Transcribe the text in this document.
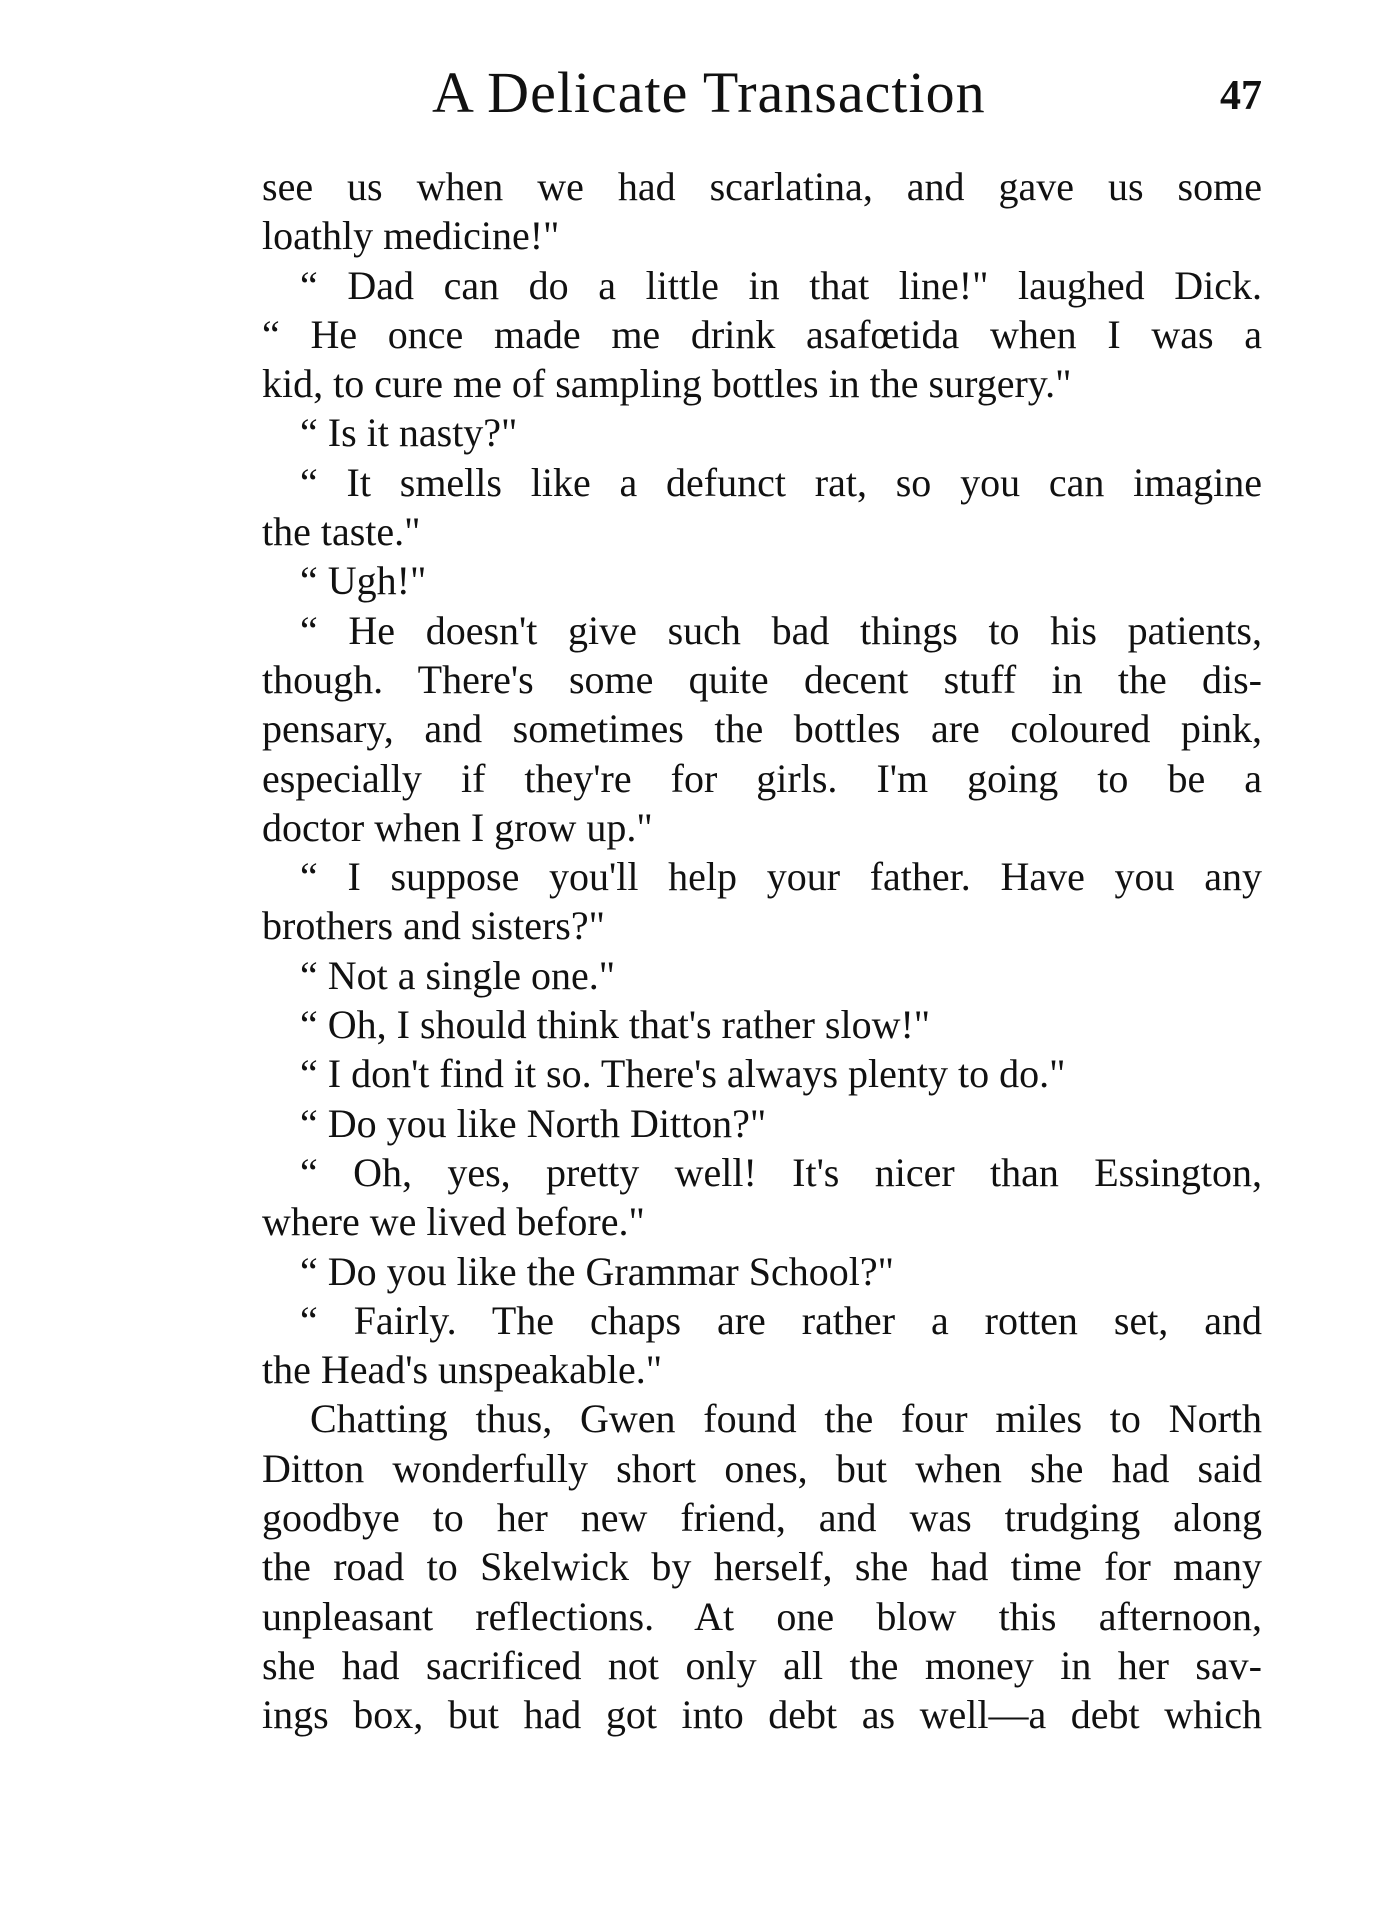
A Delicate Transaction	47
see us when we had scarlatina, and gave us some
loathly medicine!"
“ Dad can do a little in that line!" laughed Dick.
“ He once made me drink asafœtida when I was a
kid, to cure me of sampling bottles in the surgery."
“ Is it nasty?"
“ It smells like a defunct rat, so you can imagine
the taste."
“ Ugh!"
“ He doesn't give such bad things to his patients,
though. There's some quite decent stuff in the dis-
pensary, and sometimes the bottles are coloured pink,
especially if they're for girls. I'm going to be a
doctor when I grow up."
“ I suppose you'll help your father. Have you any
brothers and sisters?"
“ Not a single one."
“ Oh, I should think that's rather slow!"
“ I don't find it so. There's always plenty to do."
“ Do you like North Ditton?"
“ Oh, yes, pretty well! It's nicer than Essington,
where we lived before."
“ Do you like the Grammar School?"
“ Fairly. The chaps are rather a rotten set, and
the Head's unspeakable."
Chatting thus, Gwen found the four miles to North
Ditton wonderfully short ones, but when she had said
goodbye to her new friend, and was trudging along
the road to Skelwick by herself, she had time for many
unpleasant reflections. At one blow this afternoon,
she had sacrificed not only all the money in her sav-
ings box, but had got into debt as well—a debt which
